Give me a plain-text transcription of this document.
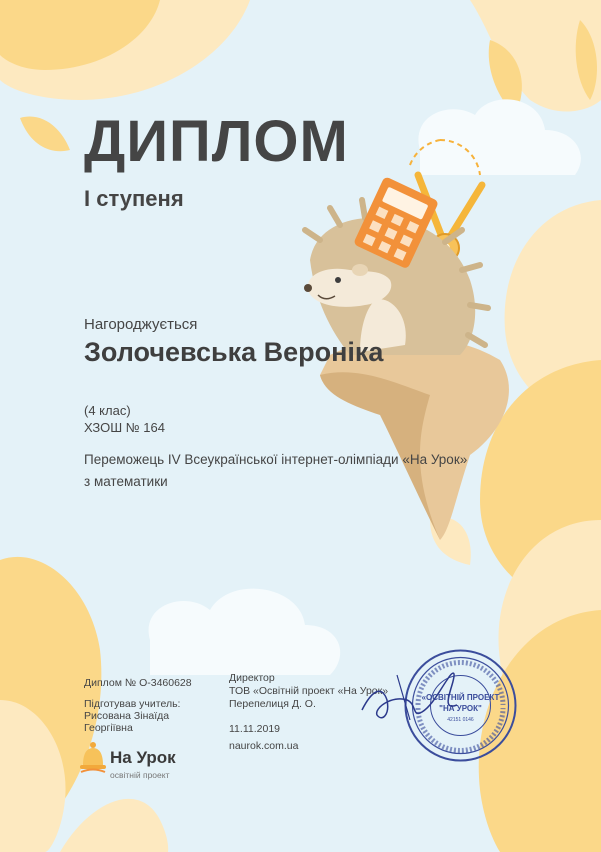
ДИПЛОМ
І ступеня
Нагороджується
Золочевська Вероніка
(4 клас)
ХЗОШ № 164
Переможець IV Всеукраїнської інтернет-олімпіади «На Урок»
з математики
Диплом № О-3460628
Підготував учитель:
Рисована Зінаїда Георгіївна
Директор
ТОВ «Освітній проект «На Урок»
Перепелиця Д. О.
11.11.2019
naurok.com.ua
На Урок
освітній проект
«ОСВІТНІЙ ПРОЕКТ
"НА УРОК"
42151 0146
